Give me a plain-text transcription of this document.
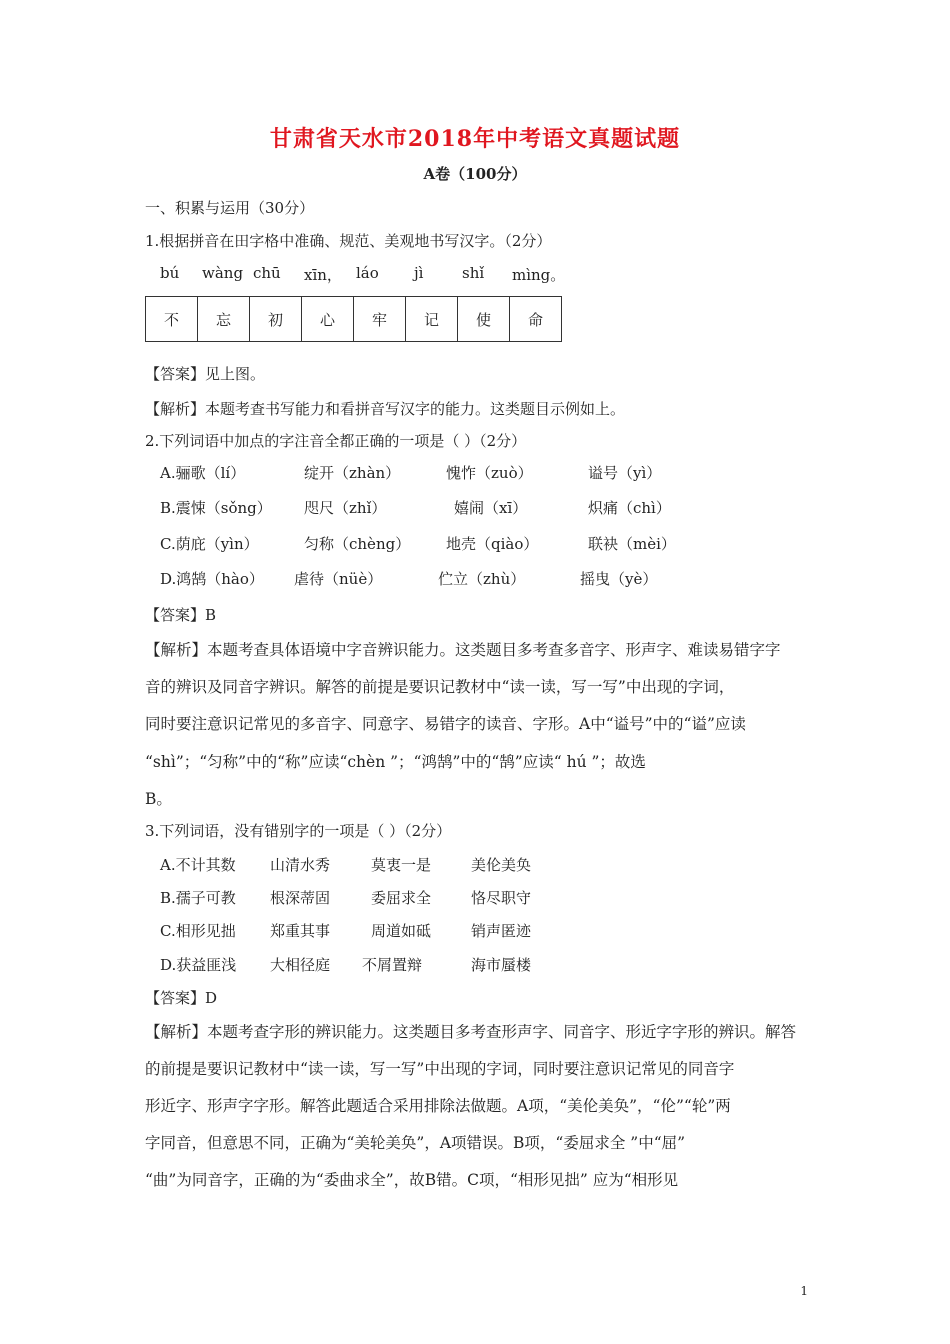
甘肃省天水市2018年中考语文真题试题
A卷（100分）
一、积累与运用（30分）
1.根据拼音在田字格中准确、规范、美观地书写汉字。（2分）
bú wàng chū xīn， láo jì	shǐ mìng。
不	忘	初	心	牢	记	使	命
【答案】见上图。
【解析】本题考查书写能力和看拼音写汉字的能力。这类题目示例如上。
2.下列词语中加点的字注音全都正确的一项是（ ）（2分）
A.骊歌（lí）	绽开（zhàn）	愧怍（zuò）	谥号（yì）
B.震悚（sǒng） 咫尺（zhǐ）	嬉闹（xī）	炽痛（chì）
C.荫庇（yìn）	匀称（chèng） 地壳（qiào）	联袂（mèi）
D.鸿鹄（hào） 虐待（nüè）	伫立（zhù）	摇曳（yè）
【答案】B
【解析】本题考查具体语境中字音辨识能力。这类题目多考查多音字、形声字、难读易错字字
音的辨识及同音字辨识。解答的前提是要识记教材中“读一读，写一写”中出现的字词，
同时要注意识记常见的多音字、同意字、易错字的读音、字形。A中“谥号”中的“谥”应读
“shì”；“匀称”中的“称”应读“chèn ”；“鸿鹄”中的“鹄”应读“ hú ”；故选
B。
3.下列词语，没有错别字的一项是（ ）（2分）
A.不计其数 山清水秀	莫衷一是	美伦美奂
B.孺子可教 根深蒂固	委屈求全	恪尽职守
C.相形见拙 郑重其事	周道如砥	销声匿迹
D.获益匪浅 大相径庭 不屑置辩	海市蜃楼
【答案】D
【解析】本题考查字形的辨识能力。这类题目多考查形声字、同音字、形近字字形的辨识。解答
的前提是要识记教材中“读一读，写一写”中出现的字词，同时要注意识记常见的同音字
形近字、形声字字形。解答此题适合采用排除法做题。A项，“美伦美奂”，“伦”“轮”两
字同音，但意思不同，正确为“美轮美奂”，A项错误。B项，“委屈求全 ”中“屈”
“曲”为同音字，正确的为“委曲求全”，故B错。C项，“相形见拙” 应为“相形见
1
